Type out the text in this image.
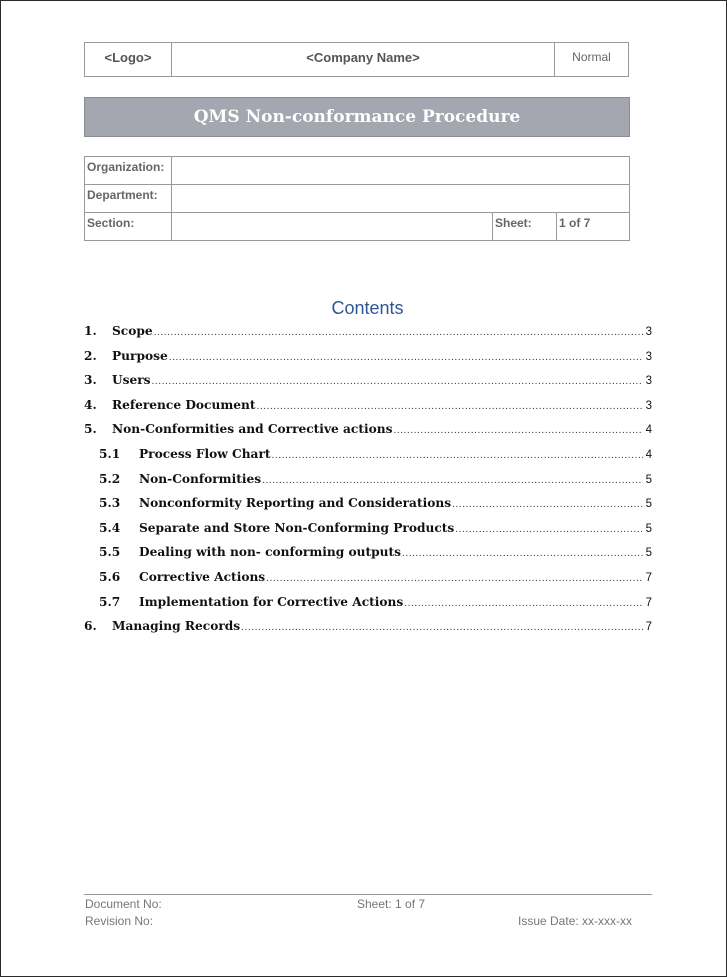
<Logo>	<Company Name>	Normal
QMS Non-conformance Procedure
Organization:			
Department:			
Section:		Sheet:	1 of 7
Contents
1.	Scope .....	3
2.	Purpose .....	3
3.	Users .....	3
4.	Reference Document .....	3
5.	Non-Conformities and Corrective actions .....	4
5.1	Process Flow Chart .....	4
5.2	Non-Conformities .....	5
5.3	Nonconformity Reporting and Considerations .....	5
5.4	Separate and Store Non-Conforming Products .....	5
5.5	Dealing with non- conforming outputs .....	5
5.6	Corrective Actions .....	7
5.7	Implementation for Corrective Actions .....	7
6.	Managing Records .....	7
Document No:
Revision No:
Sheet: 1 of 7
Issue Date: xx-xxx-xx
